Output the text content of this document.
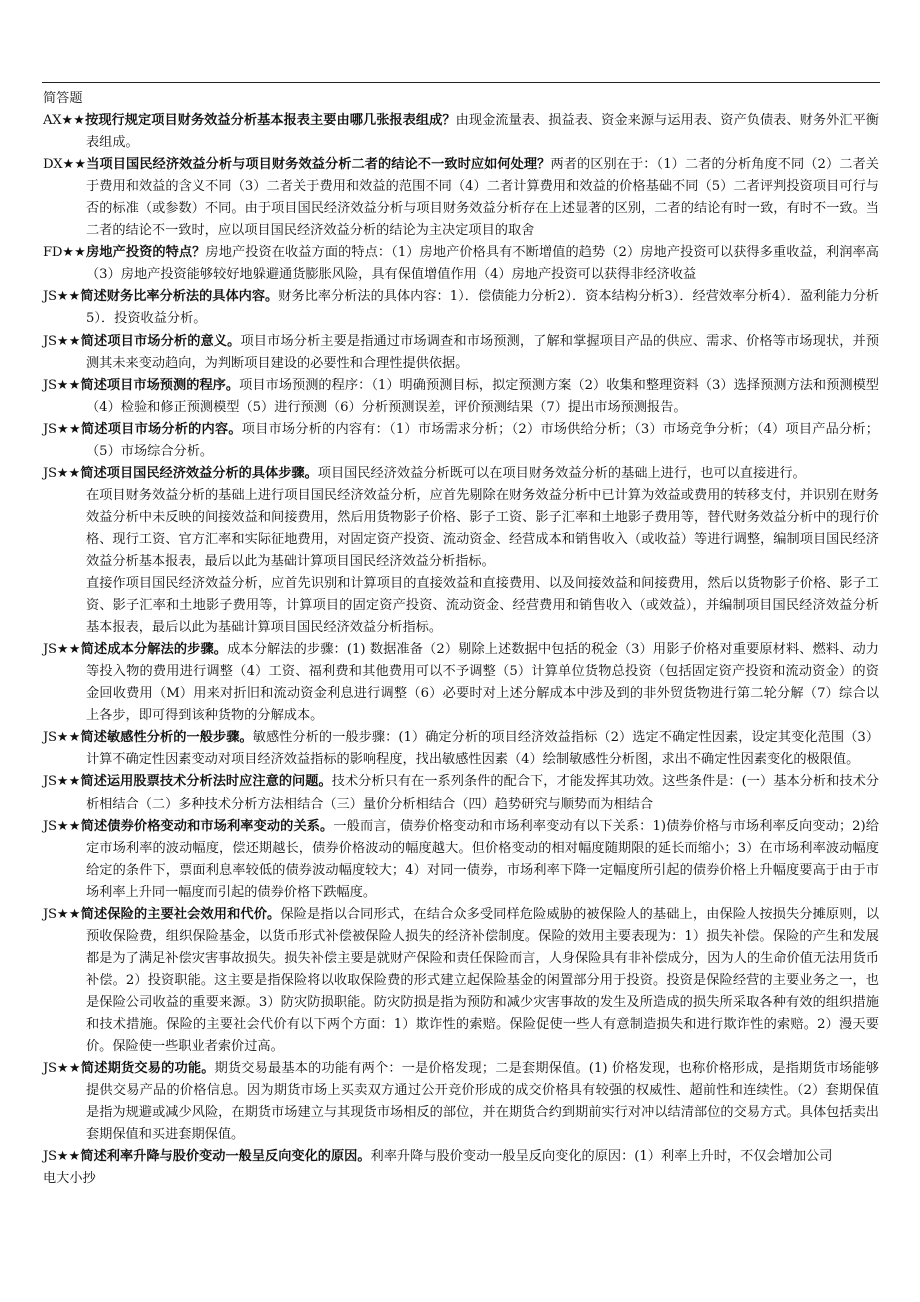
简答题
AX★★按现行规定项目财务效益分析基本报表主要由哪几张报表组成？由现金流量表、损益表、资金来源与运用表、资产负债表、财务外汇平衡表组成。
DX★★当项目国民经济效益分析与项目财务效益分析二者的结论不一致时应如何处理？两者的区别在于：（1）二者的分析角度不同（2）二者关于费用和效益的含义不同（3）二者关于费用和效益的范围不同（4）二者计算费用和效益的价格基础不同（5）二者评判投资项目可行与否的标准（或参数）不同。由于项目国民经济效益分析与项目财务效益分析存在上述显著的区别，二者的结论有时一致，有时不一致。当二者的结论不一致时，应以项目国民经济效益分析的结论为主决定项目的取舍
FD★★房地产投资的特点？房地产投资在收益方面的特点：（1）房地产价格具有不断增值的趋势（2）房地产投资可以获得多重收益，利润率高（3）房地产投资能够较好地躲避通货膨胀风险，具有保值增值作用（4）房地产投资可以获得非经济收益
JS★★简述财务比率分析法的具体内容。财务比率分析法的具体内容：1）．偿债能力分析2）．资本结构分析3）．经营效率分析4）．盈利能力分析5）．投资收益分析。
JS★★简述项目市场分析的意义。项目市场分析主要是指通过市场调查和市场预测，了解和掌握项目产品的供应、需求、价格等市场现状，并预测其未来变动趋向，为判断项目建设的必要性和合理性提供依据。
JS★★简述项目市场预测的程序。项目市场预测的程序：（1）明确预测目标，拟定预测方案（2）收集和整理资料（3）选择预测方法和预测模型（4）检验和修正预测模型（5）进行预测（6）分析预测误差，评价预测结果（7）提出市场预测报告。
JS★★简述项目市场分析的内容。项目市场分析的内容有：（1）市场需求分析；（2）市场供给分析；（3）市场竞争分析；（4）项目产品分析；（5）市场综合分析。
JS★★简述项目国民经济效益分析的具体步骤。项目国民经济效益分析既可以在项目财务效益分析的基础上进行，也可以直接进行。
在项目财务效益分析的基础上进行项目国民经济效益分析，应首先剔除在财务效益分析中已计算为效益或费用的转移支付，并识别在财务效益分析中未反映的间接效益和间接费用，然后用货物影子价格、影子工资、影子汇率和土地影子费用等，替代财务效益分析中的现行价格、现行工资、官方汇率和实际征地费用，对固定资产投资、流动资金、经营成本和销售收入（或收益）等进行调整，编制项目国民经济效益分析基本报表，最后以此为基础计算项目国民经济效益分析指标。
直接作项目国民经济效益分析，应首先识别和计算项目的直接效益和直接费用、以及间接效益和间接费用，然后以货物影子价格、影子工资、影子汇率和土地影子费用等，计算项目的固定资产投资、流动资金、经营费用和销售收入（或效益），并编制项目国民经济效益分析基本报表，最后以此为基础计算项目国民经济效益分析指标。
JS★★简述成本分解法的步骤。成本分解法的步骤：(1) 数据准备（2）剔除上述数据中包括的税金（3）用影子价格对重要原材料、燃料、动力等投入物的费用进行调整（4）工资、福利费和其他费用可以不予调整（5）计算单位货物总投资（包括固定资产投资和流动资金）的资金回收费用（M）用来对折旧和流动资金利息进行调整（6）必要时对上述分解成本中涉及到的非外贸货物进行第二轮分解（7）综合以上各步，即可得到该种货物的分解成本。
JS★★简述敏感性分析的一般步骤。敏感性分析的一般步骤：(1）确定分析的项目经济效益指标（2）选定不确定性因素，设定其变化范围（3）计算不确定性因素变动对项目经济效益指标的影响程度，找出敏感性因素（4）绘制敏感性分析图，求出不确定性因素变化的极限值。
JS★★简述运用股票技术分析法时应注意的问题。技术分析只有在一系列条件的配合下，才能发挥其功效。这些条件是：(一）基本分析和技术分析相结合（二）多种技术分析方法相结合（三）量价分析相结合（四）趋势研究与顺势而为相结合
JS★★简述债券价格变动和市场利率变动的关系。一般而言，债券价格变动和市场利率变动有以下关系：1)债券价格与市场利率反向变动；2)给定市场利率的波动幅度，偿还期越长，债券价格波动的幅度越大。但价格变动的相对幅度随期限的延长而缩小；3）在市场利率波动幅度给定的条件下，票面利息率较低的债券波动幅度较大；4）对同一债券，市场利率下降一定幅度所引起的债券价格上升幅度要高于由于市场利率上升同一幅度而引起的债券价格下跌幅度。
JS★★简述保险的主要社会效用和代价。保险是指以合同形式，在结合众多受同样危险威胁的被保险人的基础上，由保险人按损失分摊原则，以预收保险费，组织保险基金，以货币形式补偿被保险人损失的经济补偿制度。保险的效用主要表现为：1）损失补偿。保险的产生和发展都是为了满足补偿灾害事故损失。损失补偿主要是就财产保险和责任保险而言，人身保险具有非补偿成分，因为人的生命价值无法用货币补偿。2）投资职能。这主要是指保险将以收取保险费的形式建立起保险基金的闲置部分用于投资。投资是保险经营的主要业务之一，也是保险公司收益的重要来源。3）防灾防损职能。防灾防损是指为预防和减少灾害事故的发生及所造成的损失所采取各种有效的组织措施和技术措施。保险的主要社会代价有以下两个方面：1）欺诈性的索赔。保险促使一些人有意制造损失和进行欺诈性的索赔。2）漫天要价。保险使一些职业者索价过高。
JS★★简述期货交易的功能。期货交易最基本的功能有两个：一是价格发现；二是套期保值。(1) 价格发现，也称价格形成，是指期货市场能够提供交易产品的价格信息。因为期货市场上买卖双方通过公开竞价形成的成交价格具有较强的权威性、超前性和连续性。（2）套期保值是指为规避或减少风险，在期货市场建立与其现货市场相反的部位，并在期货合约到期前实行对冲以结清部位的交易方式。具体包括卖出套期保值和买进套期保值。
JS★★简述利率升降与股价变动一般呈反向变化的原因。利率升降与股价变动一般呈反向变化的原因：(1）利率上升时，不仅会增加公司
电大小抄
